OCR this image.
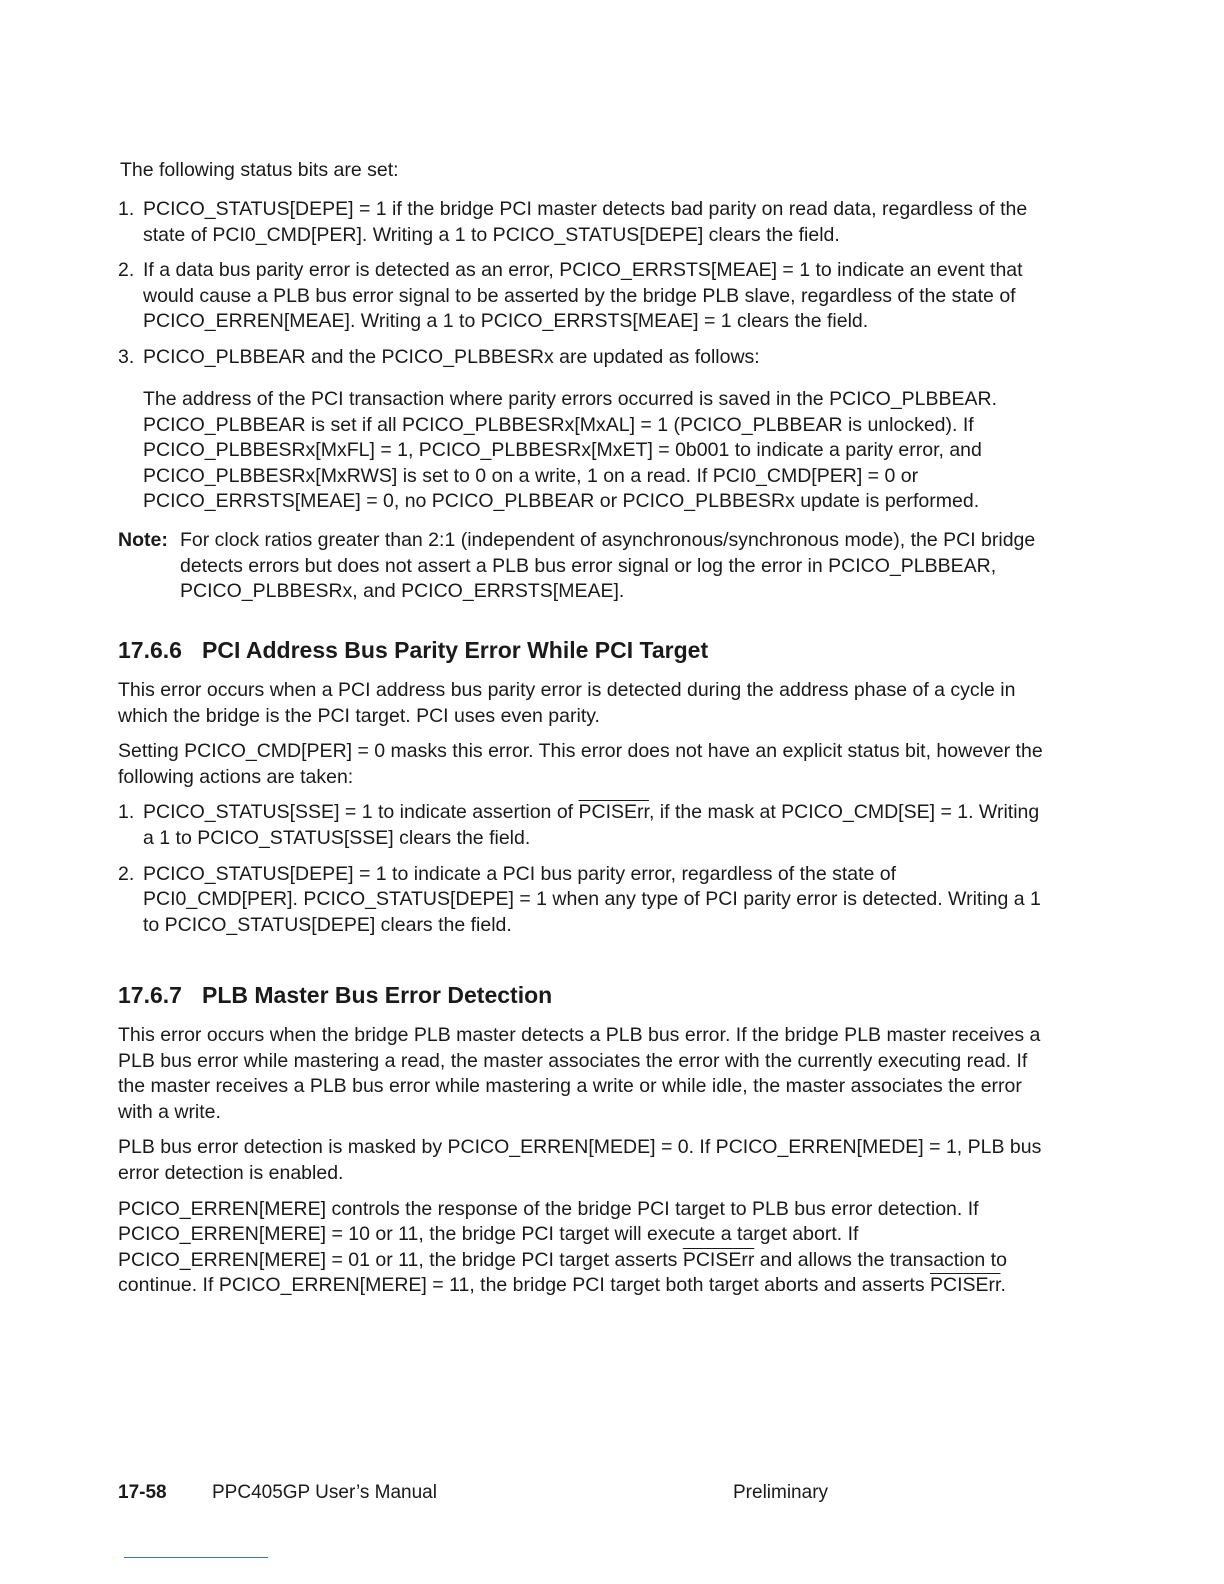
The following status bits are set:

1. PCICO_STATUS[DEPE] = 1 if the bridge PCI master detects bad parity on read data, regardless of the state of PCI0_CMD[PER]. Writing a 1 to PCICO_STATUS[DEPE] clears the field.

2. If a data bus parity error is detected as an error, PCICO_ERRSTS[MEAE] = 1 to indicate an event that would cause a PLB bus error signal to be asserted by the bridge PLB slave, regardless of the state of PCICO_ERREN[MEAE]. Writing a 1 to PCICO_ERRSTS[MEAE] = 1 clears the field.

3. PCICO_PLBBEAR and the PCICO_PLBBESRx are updated as follows:

The address of the PCI transaction where parity errors occurred is saved in the PCICO_PLBBEAR. PCICO_PLBBEAR is set if all PCICO_PLBBESRx[MxAL] = 1 (PCICO_PLBBEAR is unlocked). If PCICO_PLBBESRx[MxFL] = 1, PCICO_PLBBESRx[MxET] = 0b001 to indicate a parity error, and PCICO_PLBBESRx[MxRWS] is set to 0 on a write, 1 on a read. If PCI0_CMD[PER] = 0 or PCICO_ERRSTS[MEAE] = 0, no PCICO_PLBBEAR or PCICO_PLBBESRx update is performed.

Note: For clock ratios greater than 2:1 (independent of asynchronous/synchronous mode), the PCI bridge detects errors but does not assert a PLB bus error signal or log the error in PCICO_PLBBEAR, PCICO_PLBBESRx, and PCICO_ERRSTS[MEAE].

17.6.6 PCI Address Bus Parity Error While PCI Target

This error occurs when a PCI address bus parity error is detected during the address phase of a cycle in which the bridge is the PCI target. PCI uses even parity.

Setting PCICO_CMD[PER] = 0 masks this error. This error does not have an explicit status bit, however the following actions are taken:

1. PCICO_STATUS[SSE] = 1 to indicate assertion of PCISErr, if the mask at PCICO_CMD[SE] = 1. Writing a 1 to PCICO_STATUS[SSE] clears the field.

2. PCICO_STATUS[DEPE] = 1 to indicate a PCI bus parity error, regardless of the state of PCI0_CMD[PER]. PCICO_STATUS[DEPE] = 1 when any type of PCI parity error is detected. Writing a 1 to PCICO_STATUS[DEPE] clears the field.

17.6.7 PLB Master Bus Error Detection

This error occurs when the bridge PLB master detects a PLB bus error. If the bridge PLB master receives a PLB bus error while mastering a read, the master associates the error with the currently executing read. If the master receives a PLB bus error while mastering a write or while idle, the master associates the error with a write.

PLB bus error detection is masked by PCICO_ERREN[MEDE] = 0. If PCICO_ERREN[MEDE] = 1, PLB bus error detection is enabled.

PCICO_ERREN[MERE] controls the response of the bridge PCI target to PLB bus error detection. If PCICO_ERREN[MERE] = 10 or 11, the bridge PCI target will execute a target abort. If PCICO_ERREN[MERE] = 01 or 11, the bridge PCI target asserts PCISErr and allows the transaction to continue. If PCICO_ERREN[MERE] = 11, the bridge PCI target both target aborts and asserts PCISErr.

17-58 PPC405GP User’s Manual	Preliminary
